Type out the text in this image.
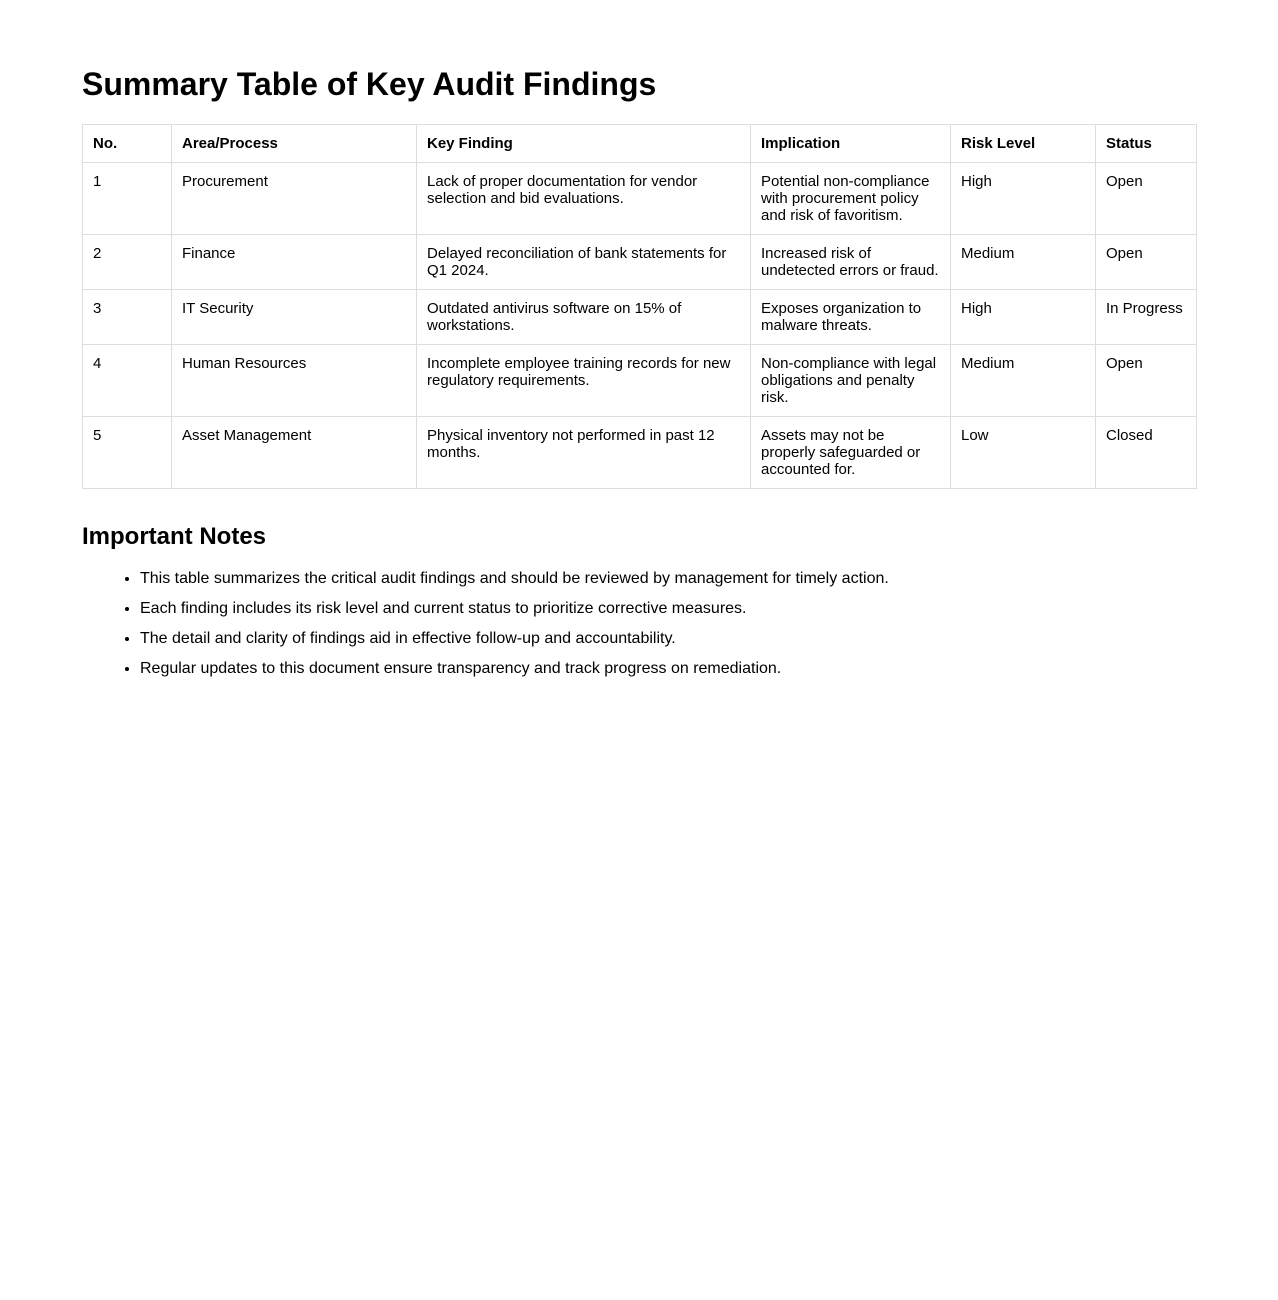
Summary Table of Key Audit Findings
No.	Area/Process	Key Finding	Implication	Risk Level	Status
1	Procurement	Lack of proper documentation for vendor selection and bid evaluations.	Potential non-compliance with procurement policy and risk of favoritism.	High	Open
2	Finance	Delayed reconciliation of bank statements for Q1 2024.	Increased risk of undetected errors or fraud.	Medium	Open
3	IT Security	Outdated antivirus software on 15% of workstations.	Exposes organization to malware threats.	High	In Progress
4	Human Resources	Incomplete employee training records for new regulatory requirements.	Non-compliance with legal obligations and penalty risk.	Medium	Open
5	Asset Management	Physical inventory not performed in past 12 months.	Assets may not be properly safeguarded or accounted for.	Low	Closed
Important Notes
• This table summarizes the critical audit findings and should be reviewed by management for timely action.
• Each finding includes its risk level and current status to prioritize corrective measures.
• The detail and clarity of findings aid in effective follow-up and accountability.
• Regular updates to this document ensure transparency and track progress on remediation.
